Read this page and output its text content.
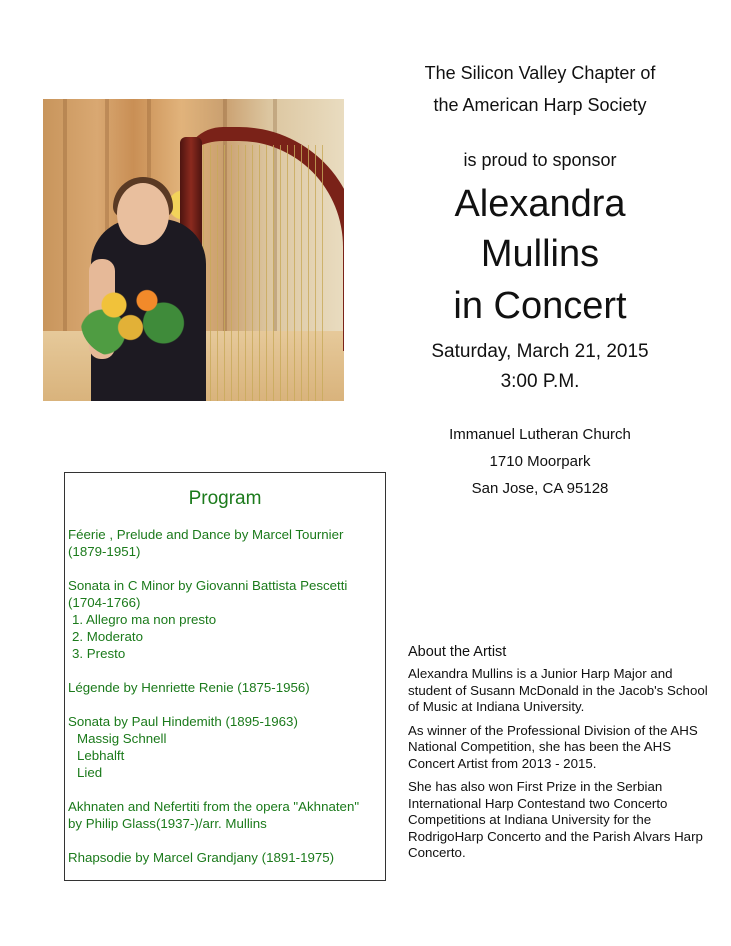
The Silicon Valley Chapter of
the American Harp Society
is proud to sponsor
Alexandra
Mullins
in Concert
Saturday, March 21, 2015
3:00 P.M.
Immanuel Lutheran Church
1710 Moorpark
San Jose, CA 95128
Program
Féerie , Prelude and Dance by Marcel Tournier
(1879-1951)
Sonata in C Minor by Giovanni Battista Pescetti
(1704-1766)
1. Allegro ma non presto
2. Moderato
3. Presto
Légende by Henriette Renie (1875-1956)
Sonata by Paul Hindemith (1895-1963)
Massig Schnell
Lebhalft
Lied
Akhnaten and Nefertiti from the opera "Akhnaten"
by Philip Glass(1937-)/arr. Mullins
Rhapsodie by Marcel Grandjany (1891-1975)
About the Artist

Alexandra Mullins is a Junior Harp Major and student of Susann McDonald in the Jacob's School of Music at Indiana University.

As winner of the Professional Division of the AHS National Competition, she has been the AHS Concert Artist from 2013 - 2015.

She has also won First Prize in the Serbian International Harp Contestand two Concerto Competitions at Indiana University for the RodrigoHarp Concerto and the Parish Alvars Harp Concerto.
